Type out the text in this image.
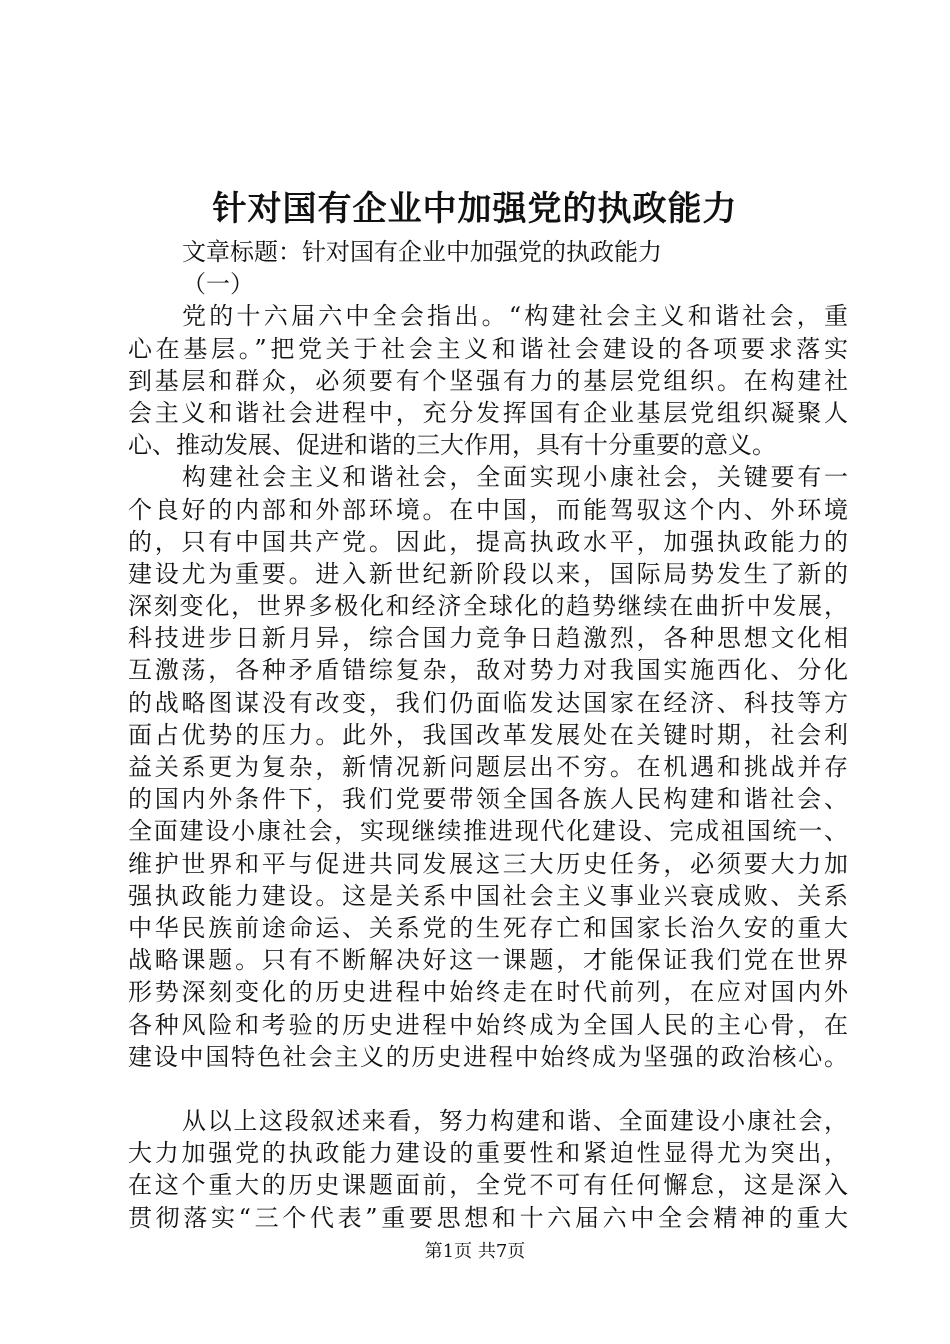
针对国有企业中加强党的执政能力
文章标题：针对国有企业中加强党的执政能力
（一）
党的十六届六中全会指出。“构建社会主义和谐社会，重
心在基层。”把党关于社会主义和谐社会建设的各项要求落实
到基层和群众，必须要有个坚强有力的基层党组织。在构建社
会主义和谐社会进程中，充分发挥国有企业基层党组织凝聚人
心、推动发展、促进和谐的三大作用，具有十分重要的意义。
构建社会主义和谐社会，全面实现小康社会，关键要有一
个良好的内部和外部环境。在中国，而能驾驭这个内、外环境
的，只有中国共产党。因此，提高执政水平，加强执政能力的
建设尤为重要。进入新世纪新阶段以来，国际局势发生了新的
深刻变化，世界多极化和经济全球化的趋势继续在曲折中发展，
科技进步日新月异，综合国力竞争日趋激烈，各种思想文化相
互激荡，各种矛盾错综复杂，敌对势力对我国实施西化、分化
的战略图谋没有改变，我们仍面临发达国家在经济、科技等方
面占优势的压力。此外，我国改革发展处在关键时期，社会利
益关系更为复杂，新情况新问题层出不穷。在机遇和挑战并存
的国内外条件下，我们党要带领全国各族人民构建和谐社会、
全面建设小康社会，实现继续推进现代化建设、完成祖国统一、
维护世界和平与促进共同发展这三大历史任务，必须要大力加
强执政能力建设。这是关系中国社会主义事业兴衰成败、关系
中华民族前途命运、关系党的生死存亡和国家长治久安的重大
战略课题。只有不断解决好这一课题，才能保证我们党在世界
形势深刻变化的历史进程中始终走在时代前列，在应对国内外
各种风险和考验的历史进程中始终成为全国人民的主心骨，在
建设中国特色社会主义的历史进程中始终成为坚强的政治核心。
从以上这段叙述来看，努力构建和谐、全面建设小康社会，
大力加强党的执政能力建设的重要性和紧迫性显得尤为突出，
在这个重大的历史课题面前，全党不可有任何懈怠，这是深入
贯彻落实“三个代表”重要思想和十六届六中全会精神的重大
第1页 共7页
